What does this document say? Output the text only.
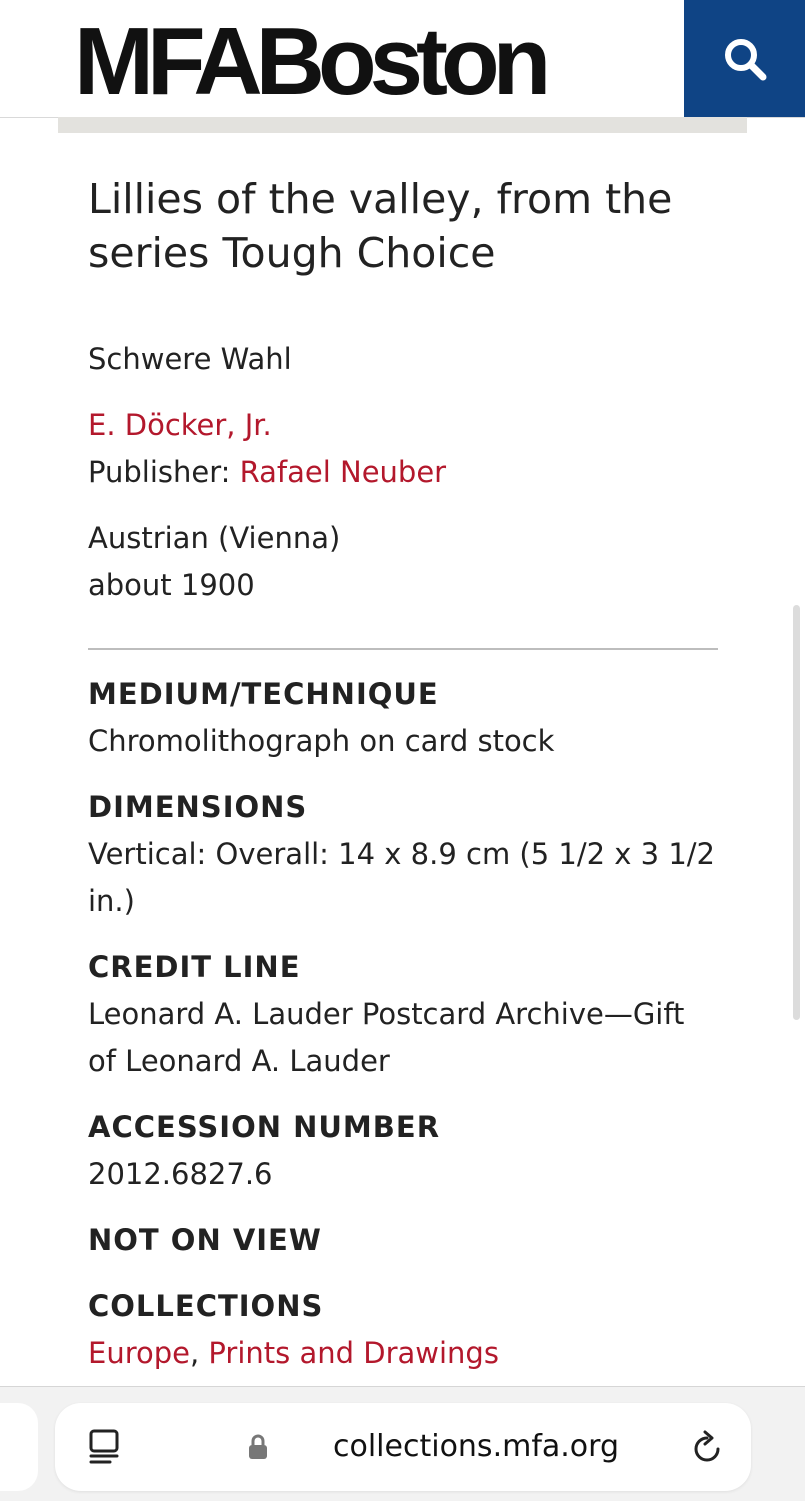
MFABoston
Lillies of the valley, from the series Tough Choice

Schwere Wahl

E. Döcker, Jr.

Publisher: Rafael Neuber

Austrian (Vienna)

about 1900

MEDIUM/TECHNIQUE

Chromolithograph on card stock

DIMENSIONS

Vertical: Overall: 14 x 8.9 cm (5 1/2 x 3 1/2 in.)

CREDIT LINE

Leonard A. Lauder Postcard Archive—Gift of Leonard A. Lauder

ACCESSION NUMBER

2012.6827.6

NOT ON VIEW

COLLECTIONS

Europe, Prints and Drawings

collections.mfa.org
